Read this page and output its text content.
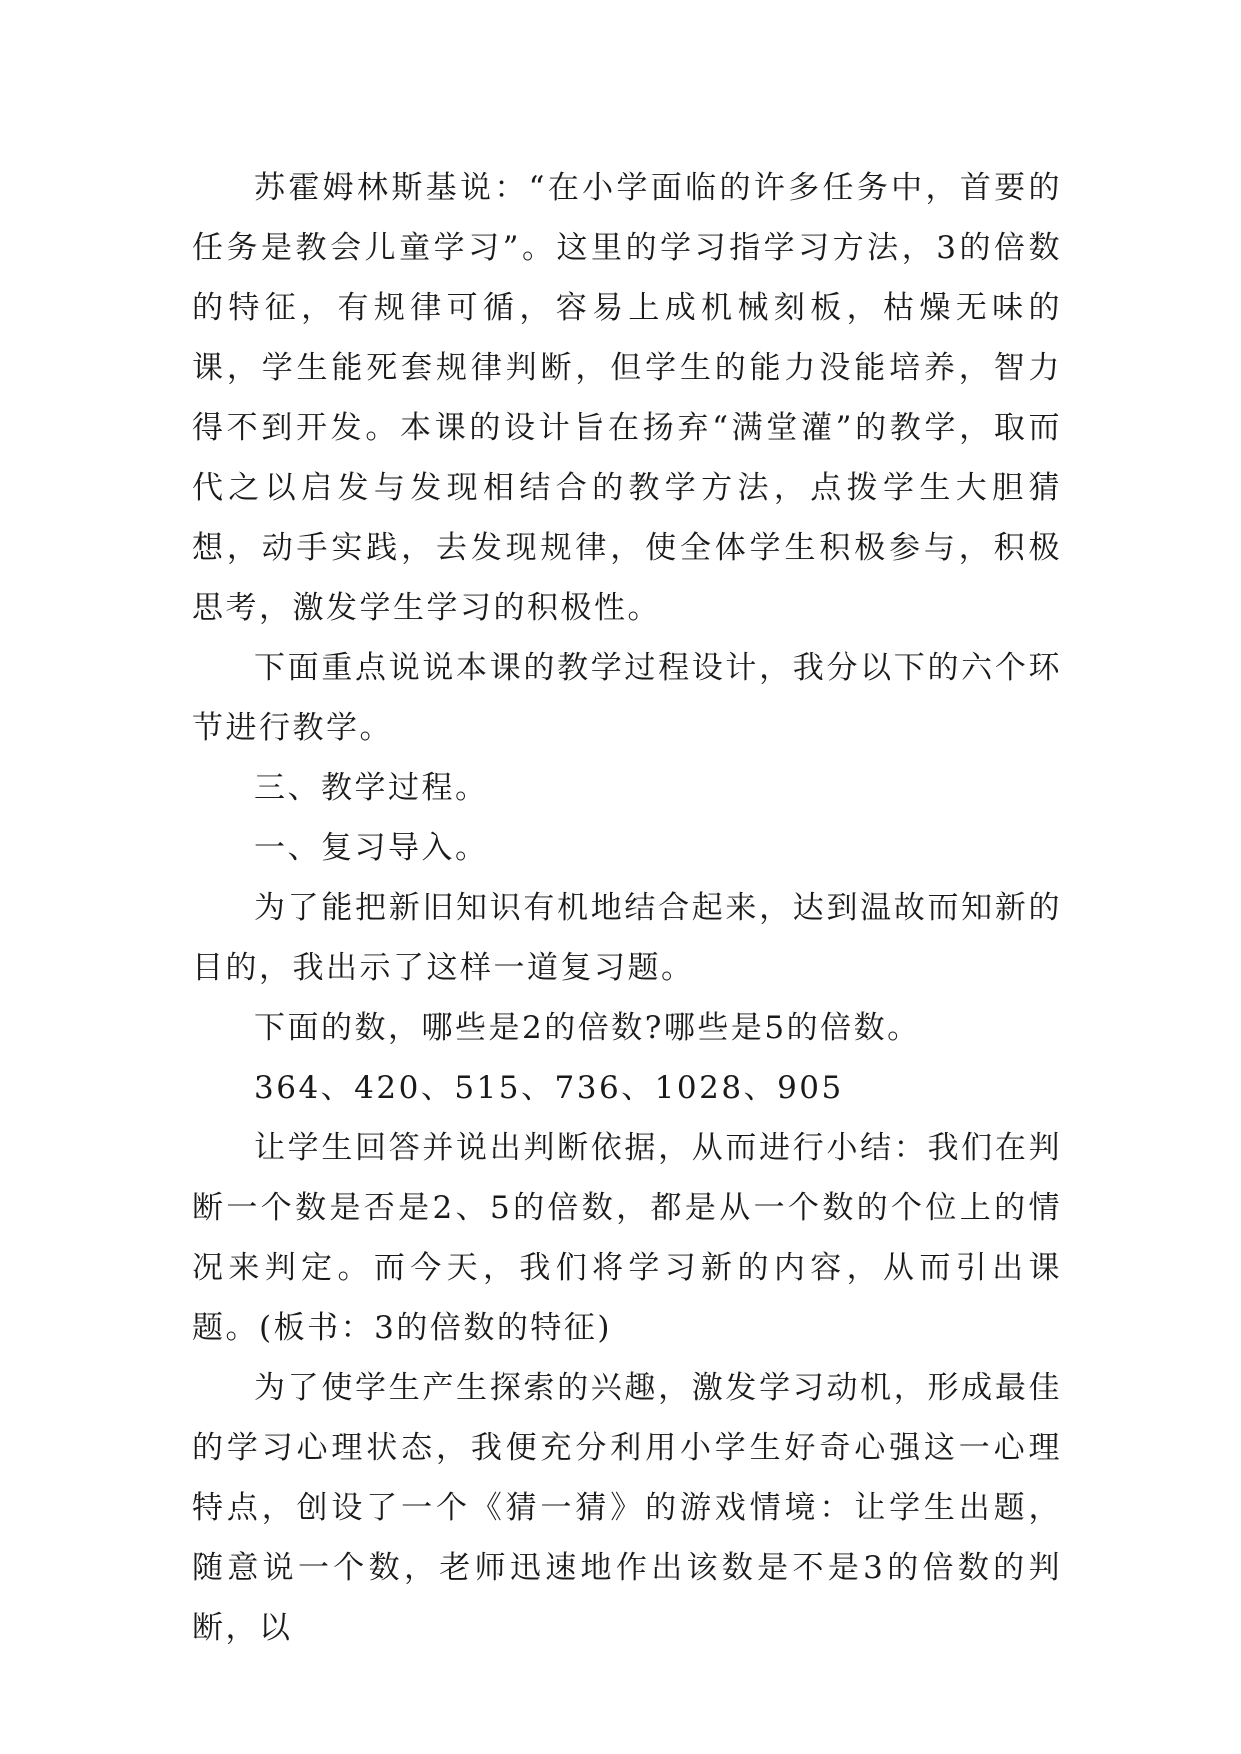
苏霍姆林斯基说：“在小学面临的许多任务中，首要的任务是教会儿童学习”。这里的学习指学习方法，3的倍数的特征，有规律可循，容易上成机械刻板，枯燥无味的课，学生能死套规律判断，但学生的能力没能培养，智力得不到开发。本课的设计旨在扬弃“满堂灌”的教学，取而代之以启发与发现相结合的教学方法，点拨学生大胆猜想，动手实践，去发现规律，使全体学生积极参与，积极思考，激发学生学习的积极性。

下面重点说说本课的教学过程设计，我分以下的六个环节进行教学。

三、教学过程。

一、复习导入。

为了能把新旧知识有机地结合起来，达到温故而知新的目的，我出示了这样一道复习题。

下面的数，哪些是2的倍数?哪些是5的倍数。

364、420、515、736、1028、905

让学生回答并说出判断依据，从而进行小结：我们在判断一个数是否是2、5的倍数，都是从一个数的个位上的情况来判定。而今天，我们将学习新的内容，从而引出课题。(板书：3的倍数的特征)

为了使学生产生探索的兴趣，激发学习动机，形成最佳的学习心理状态，我便充分利用小学生好奇心强这一心理特点，创设了一个《猜一猜》的游戏情境：让学生出题，随意说一个数，老师迅速地作出该数是不是3的倍数的判断，以
